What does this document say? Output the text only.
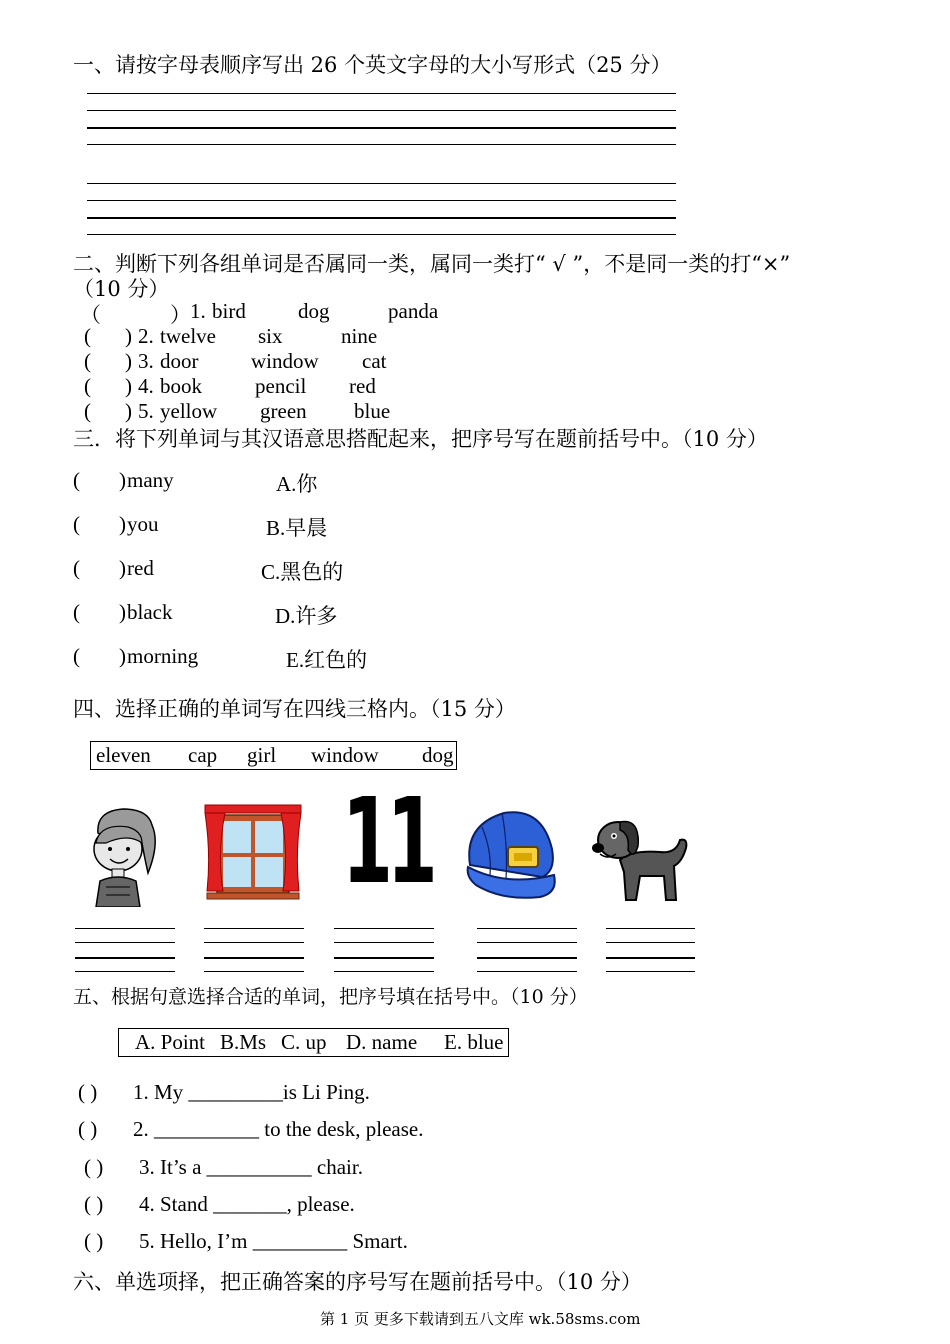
一、请按字母表顺序写出 26 个英文字母的大小写形式（25 分）
二、判断下列各组单词是否属同一类，属同一类打“ √ ”，不是同一类的打“×”
（10 分）
（	） 1. bird dog	panda
( ) 2. twelve six	nine
( ) 3. door	window cat
( ) 4. book	pencil red
( ) 5. yellow green blue
三．将下列单词与其汉语意思搭配起来，把序号写在题前括号中。（10 分）
( ) many	A.你
( ) you	B.早晨
( ) red	C.黑色的
( ) black	D.许多
( ) morning	E.红色的
四、选择正确的单词写在四线三格内。（15 分）
eleven cap girl window dog
11
五、根据句意选择合适的单词，把序号填在括号中。（10 分）
A. Point B.Ms C. up D. name E. blue
( ) 1. My _________is Li Ping.
( ) 2. __________ to the desk, please.
( ) 3. It’s a __________ chair.
( ) 4. Stand _______, please.
( ) 5. Hello, I’m _________ Smart.
六、单选项择，把正确答案的序号写在题前括号中。（10 分）
第 1 页 更多下载请到五八文库 wk.58sms.com
